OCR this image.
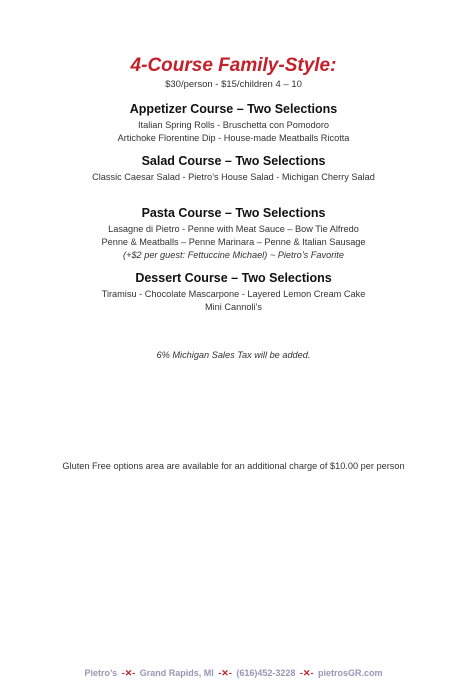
4-Course Family-Style:
$30/person - $15/children 4 – 10
Appetizer Course – Two Selections
Italian Spring Rolls - Bruschetta con Pomodoro
Artichoke Florentine Dip - House-made Meatballs Ricotta
Salad Course – Two Selections
Classic Caesar Salad - Pietro’s House Salad - Michigan Cherry Salad
Pasta Course – Two Selections
Lasagne di Pietro - Penne with Meat Sauce – Bow Tie Alfredo
Penne & Meatballs – Penne Marinara – Penne & Italian Sausage
(+$2 per guest: Fettuccine Michael) ~ Pietro’s Favorite
Dessert Course – Two Selections
Tiramisu - Chocolate Mascarpone - Layered Lemon Cream Cake
Mini Cannoli’s
6% Michigan Sales Tax will be added.
Gluten Free options area are available for an additional charge of $10.00 per person
Pietro’s -✕- Grand Rapids, MI -✕- (616)452-3228 -✕- pietrosGR.com
